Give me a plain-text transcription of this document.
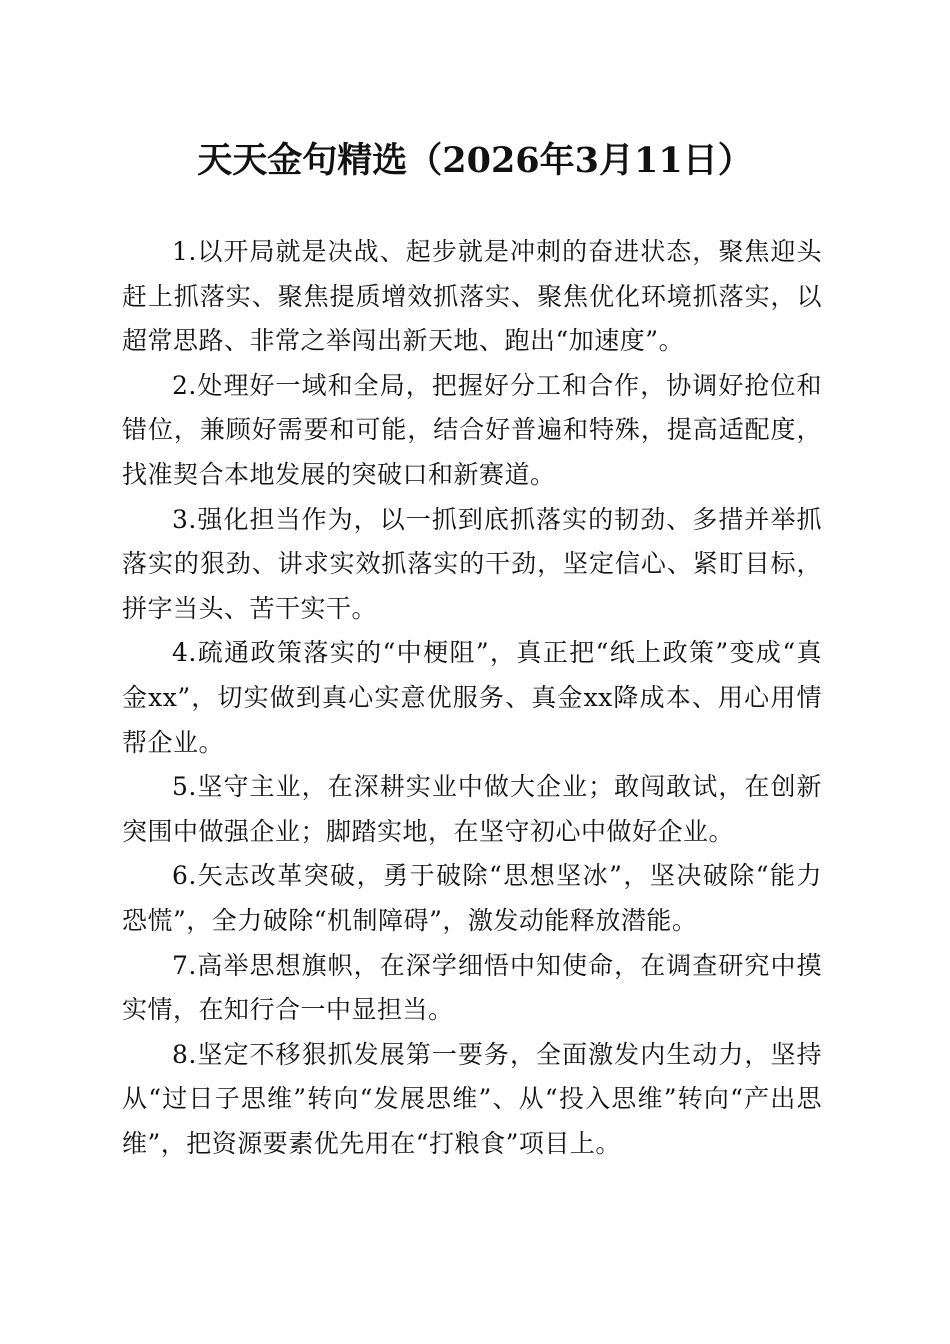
天天金句精选（2026年3月11日）

1.以开局就是决战、起步就是冲刺的奋进状态，聚焦迎头赶上抓落实、聚焦提质增效抓落实、聚焦优化环境抓落实，以超常思路、非常之举闯出新天地、跑出“加速度”。

2.处理好一域和全局，把握好分工和合作，协调好抢位和错位，兼顾好需要和可能，结合好普遍和特殊，提高适配度，找准契合本地发展的突破口和新赛道。

3.强化担当作为，以一抓到底抓落实的韧劲、多措并举抓落实的狠劲、讲求实效抓落实的干劲，坚定信心、紧盯目标，拼字当头、苦干实干。

4.疏通政策落实的“中梗阻”，真正把“纸上政策”变成“真金xx”，切实做到真心实意优服务、真金xx降成本、用心用情帮企业。

5.坚守主业，在深耕实业中做大企业；敢闯敢试，在创新突围中做强企业；脚踏实地，在坚守初心中做好企业。

6.矢志改革突破，勇于破除“思想坚冰”，坚决破除“能力恐慌”，全力破除“机制障碍”，激发动能释放潜能。

7.高举思想旗帜，在深学细悟中知使命，在调查研究中摸实情，在知行合一中显担当。

8.坚定不移狠抓发展第一要务，全面激发内生动力，坚持从“过日子思维”转向“发展思维”、从“投入思维”转向“产出思维”，把资源要素优先用在“打粮食”项目上。
